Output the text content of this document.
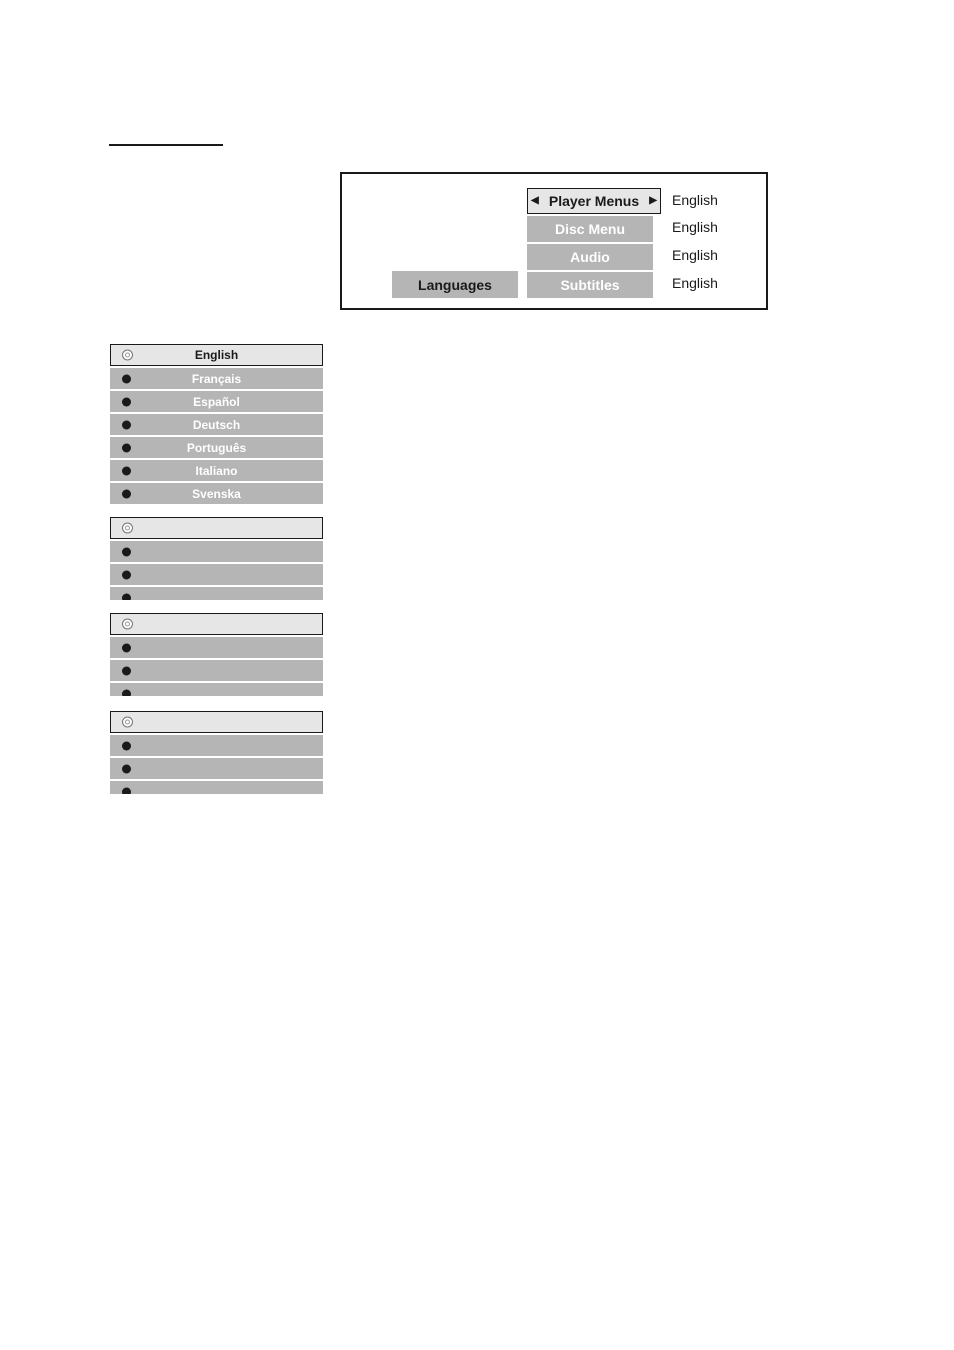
Languages
◀ Player Menus	▶
Disc Menu
Audio
Subtitles
English
English
English
English
English
Français
Español
Deutsch
Português
Italiano
Svenska
